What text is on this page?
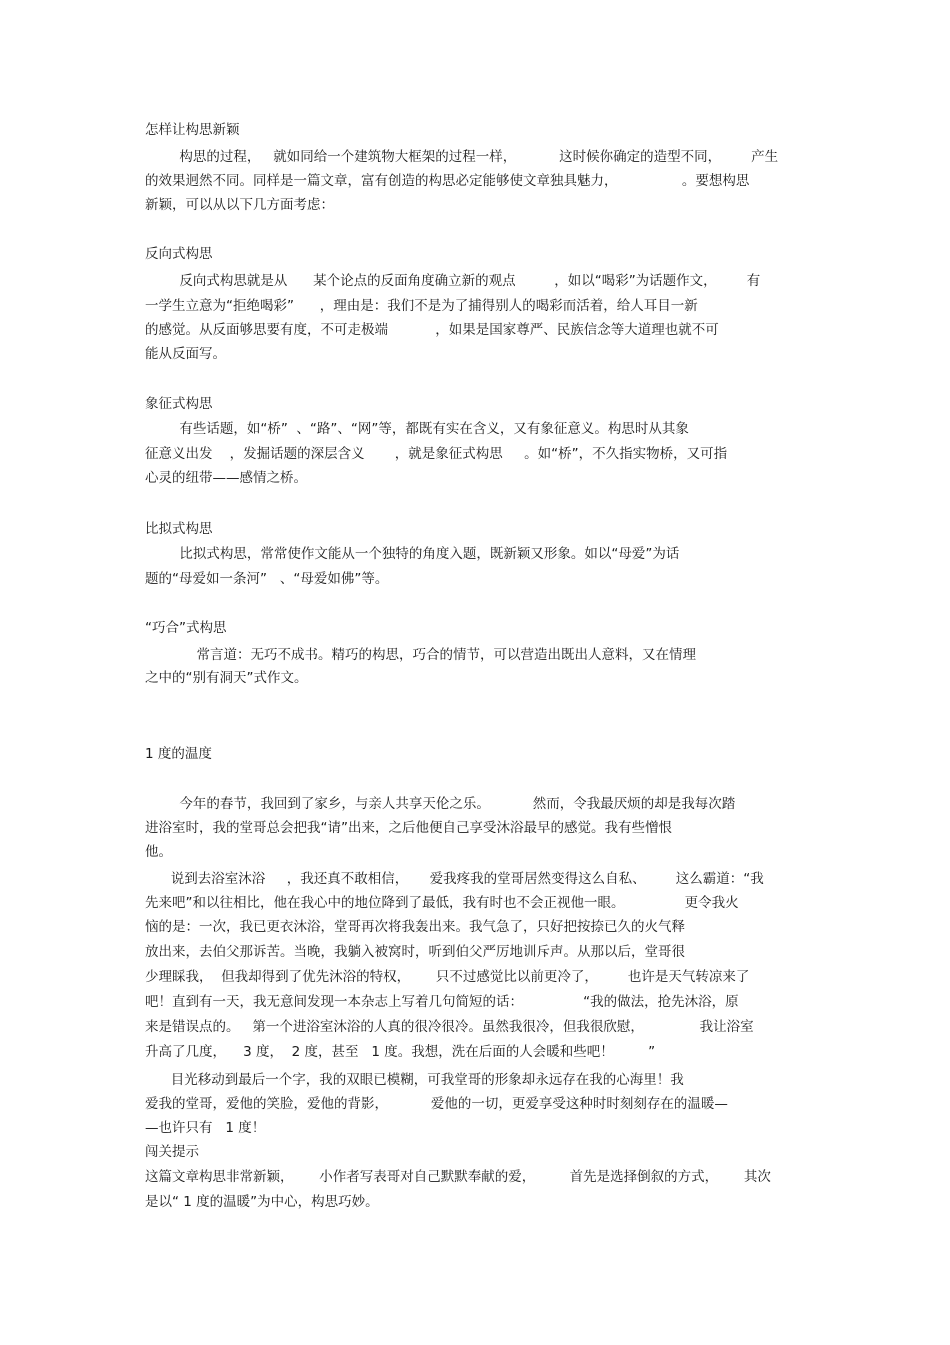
怎样让构思新颖
构思的过程，   就如同给一个建筑物大框架的过程一样，          这时候你确定的造型不同，       产生
的效果迥然不同。同样是一篇文章，富有创造的构思必定能够使文章独具魅力，               。要想构思
新颖，可以从以下几方面考虑：
反向式构思
反向式构思就是从      某个论点的反面角度确立新的观点         ，如以“喝彩”为话题作文，       有
一学生立意为“拒绝喝彩”      ，理由是：我们不是为了捕得别人的喝彩而活着，给人耳目一新
的感觉。从反面够思要有度，不可走极端           ，如果是国家尊严、民族信念等大道理也就不可
能从反面写。
象征式构思
有些话题，如“桥”  、“路”、“网”等，都既有实在含义，又有象征意义。构思时从其象
征意义出发    ，发掘话题的深层含义       ，就是象征式构思     。如“桥”，不久指实物桥，又可指
心灵的纽带——感情之桥。
比拟式构思
比拟式构思，常常使作文能从一个独特的角度入题，既新颖又形象。如以“母爱”为话
题的“母爱如一条河”   、“母爱如佛”等。
“巧合”式构思
常言道：无巧不成书。精巧的构思，巧合的情节，可以营造出既出人意料，又在情理
之中的“别有洞天”式作文。
1 度的温度
今年的春节，我回到了家乡，与亲人共享天伦之乐。          然而，令我最厌烦的却是我每次踏
进浴室时，我的堂哥总会把我“请”出来，之后他便自己享受沐浴最早的感觉。我有些憎恨
他。
说到去浴室沐浴     ，我还真不敢相信，     爱我疼我的堂哥居然变得这么自私、       这么霸道：“我
先来吧”和以往相比，他在我心中的地位降到了最低，我有时也不会正视他一眼。              更令我火
恼的是：一次，我已更衣沐浴，堂哥再次将我轰出来。我气急了，只好把按捺已久的火气释
放出来，去伯父那诉苦。当晚，我躺入被窝时，听到伯父严厉地训斥声。从那以后，堂哥很
少理睬我，  但我却得到了优先沐浴的特权，      只不过感觉比以前更冷了，       也许是天气转凉来了
吧！直到有一天，我无意间发现一本杂志上写着几句简短的话：              “我的做法，抢先沐浴，原
来是错误点的。   第一个进浴室沐浴的人真的很冷很冷。虽然我很冷，但我很欣慰，             我让浴室
升高了几度，    3 度，  2 度，甚至   1 度。我想，洗在后面的人会暖和些吧！        ”
目光移动到最后一个字，我的双眼已模糊，可我堂哥的形象却永远存在我的心海里！我
爱我的堂哥，爱他的笑脸，爱他的背影，          爱他的一切，更爱享受这种时时刻刻存在的温暖—
—也许只有   1 度！
闯关提示
这篇文章构思非常新颖，      小作者写表哥对自己默默奉献的爱，        首先是选择倒叙的方式，      其次
是以“ 1 度的温暖”为中心，构思巧妙。
